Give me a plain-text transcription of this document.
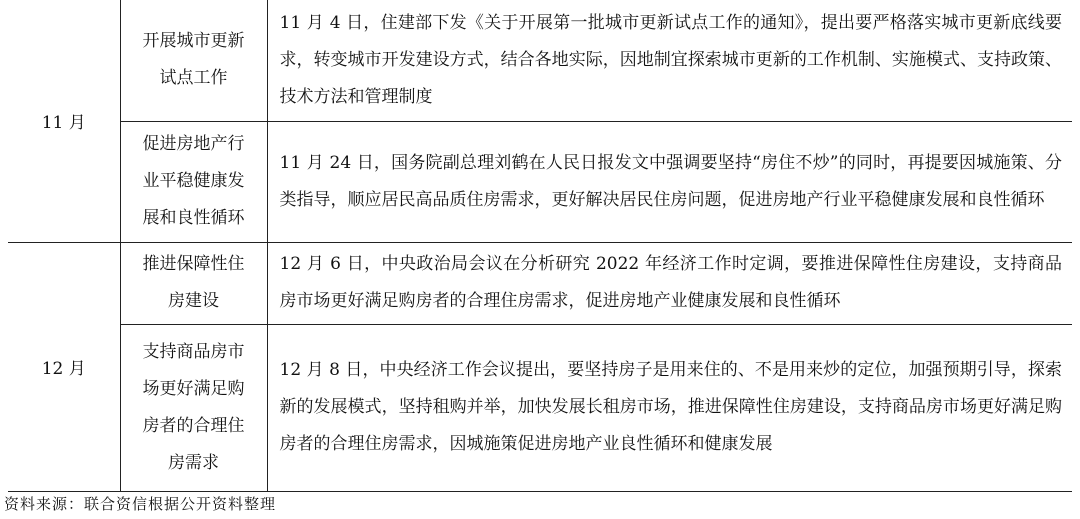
11 月	开展城市更新试点工作	11 月 4 日，住建部下发《关于开展第一批城市更新试点工作的通知》，提出要严格落实城市更新底线要求，转变城市开发建设方式，结合各地实际，因地制宜探索城市更新的工作机制、实施模式、支持政策、技术方法和管理制度
	促进房地产行业平稳健康发展和良性循环	11 月 24 日，国务院副总理刘鹤在人民日报发文中强调要坚持“房住不炒”的同时，再提要因城施策、分类指导，顺应居民高品质住房需求，更好解决居民住房问题，促进房地产行业平稳健康发展和良性循环
12 月	推进保障性住房建设	12 月 6 日，中央政治局会议在分析研究 2022 年经济工作时定调，要推进保障性住房建设，支持商品房市场更好满足购房者的合理住房需求，促进房地产业健康发展和良性循环
	支持商品房市场更好满足购房者的合理住房需求	12 月 8 日，中央经济工作会议提出，要坚持房子是用来住的、不是用来炒的定位，加强预期引导，探索新的发展模式，坚持租购并举，加快发展长租房市场，推进保障性住房建设，支持商品房市场更好满足购房者的合理住房需求，因城施策促进房地产业良性循环和健康发展
资料来源：联合资信根据公开资料整理
